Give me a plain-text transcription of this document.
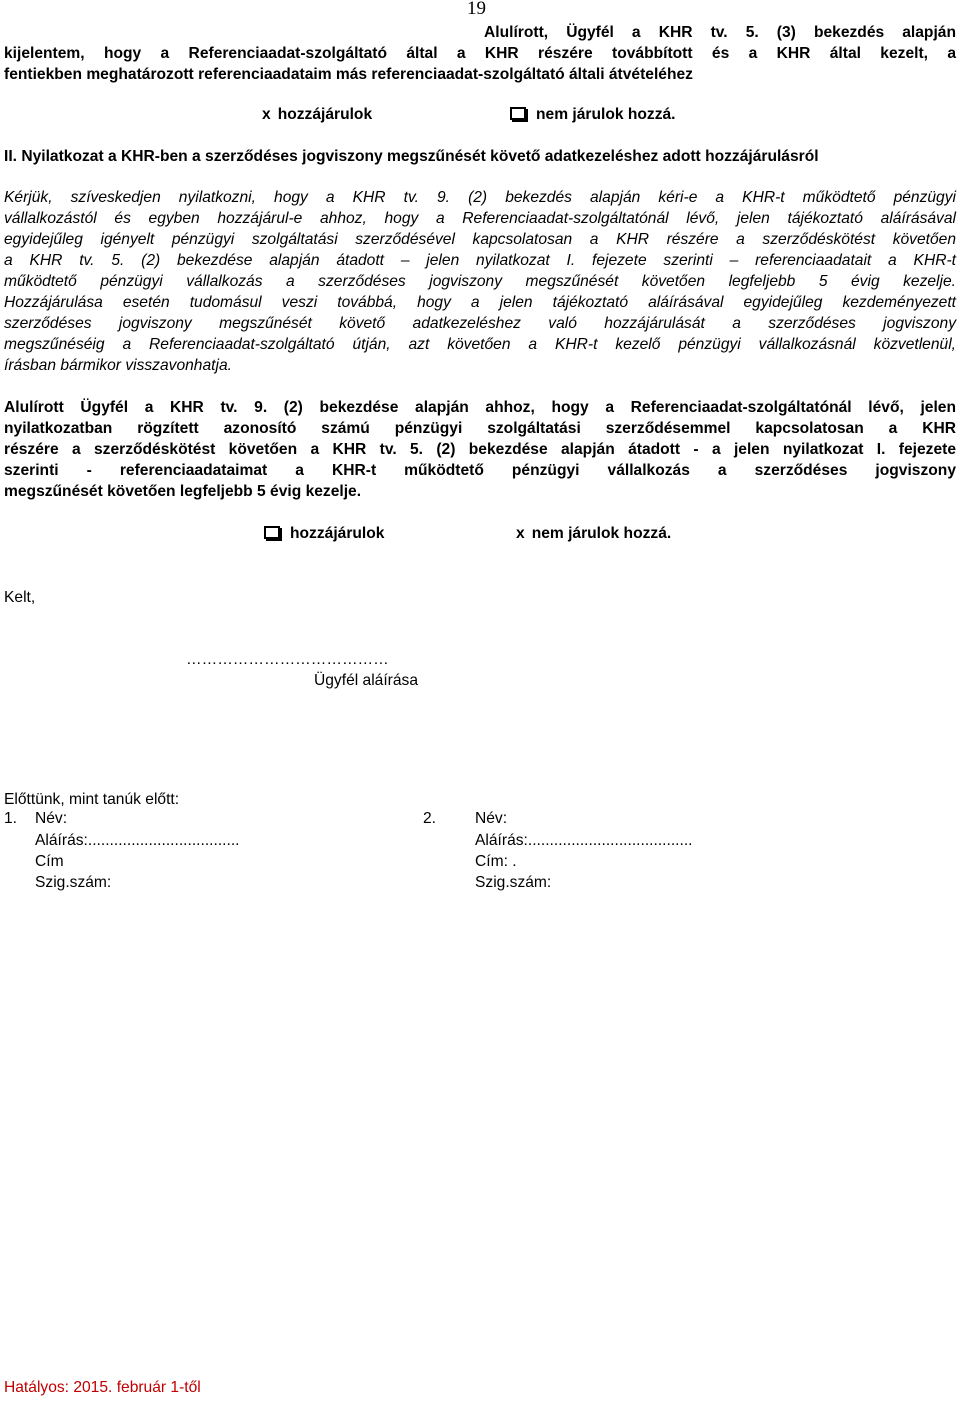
19
Alulírott, Ügyfél a KHR tv. 5. (3) bekezdés alapján
kijelentem, hogy a Referenciaadat-szolgáltató által a KHR részére továbbított és a KHR által kezelt, a
fentiekben meghatározott referenciaadataim más referenciaadat-szolgáltató általi átvételéhez
x hozzájárulok	nem járulok hozzá.
II. Nyilatkozat a KHR-ben a szerződéses jogviszony megszűnését követő adatkezeléshez adott hozzájárulásról
Kérjük, szíveskedjen nyilatkozni, hogy a KHR tv. 9. (2) bekezdés alapján kéri-e a KHR-t működtető pénzügyi
vállalkozástól és egyben hozzájárul-e ahhoz, hogy a Referenciaadat-szolgáltatónál lévő, jelen tájékoztató aláírásával
egyidejűleg igényelt pénzügyi szolgáltatási szerződésével kapcsolatosan a KHR részére a szerződéskötést követően
a KHR tv. 5. (2) bekezdése alapján átadott – jelen nyilatkozat I. fejezete szerinti – referenciaadatait a KHR-t
működtető pénzügyi vállalkozás a szerződéses jogviszony megszűnését követően legfeljebb 5 évig kezelje.
Hozzájárulása esetén tudomásul veszi továbbá, hogy a jelen tájékoztató aláírásával egyidejűleg kezdeményezett
szerződéses jogviszony megszűnését követő adatkezeléshez való hozzájárulását a szerződéses jogviszony
megszűnéséig a Referenciaadat-szolgáltató útján, azt követően a KHR-t kezelő pénzügyi vállalkozásnál közvetlenül,
írásban bármikor visszavonhatja.
Alulírott Ügyfél a KHR tv. 9. (2) bekezdése alapján ahhoz, hogy a Referenciaadat-szolgáltatónál lévő, jelen
nyilatkozatban rögzített azonosító számú pénzügyi szolgáltatási szerződésemmel kapcsolatosan a KHR
részére a szerződéskötést követően a KHR tv. 5. (2) bekezdése alapján átadott - a jelen nyilatkozat I. fejezete
szerinti - referenciaadataimat a KHR-t működtető pénzügyi vállalkozás a szerződéses jogviszony
megszűnését követően legfeljebb 5 évig kezelje.
hozzájárulok	x nem járulok hozzá.
Kelt,
…………………………………
Ügyfél aláírása
Előttünk, mint tanúk előtt:
1. Név:
Aláírás:...................................
Cím
Szig.szám:
2. Név:
Aláírás:......................................
Cím: .
Szig.szám:
Hatályos: 2015. február 1-től
